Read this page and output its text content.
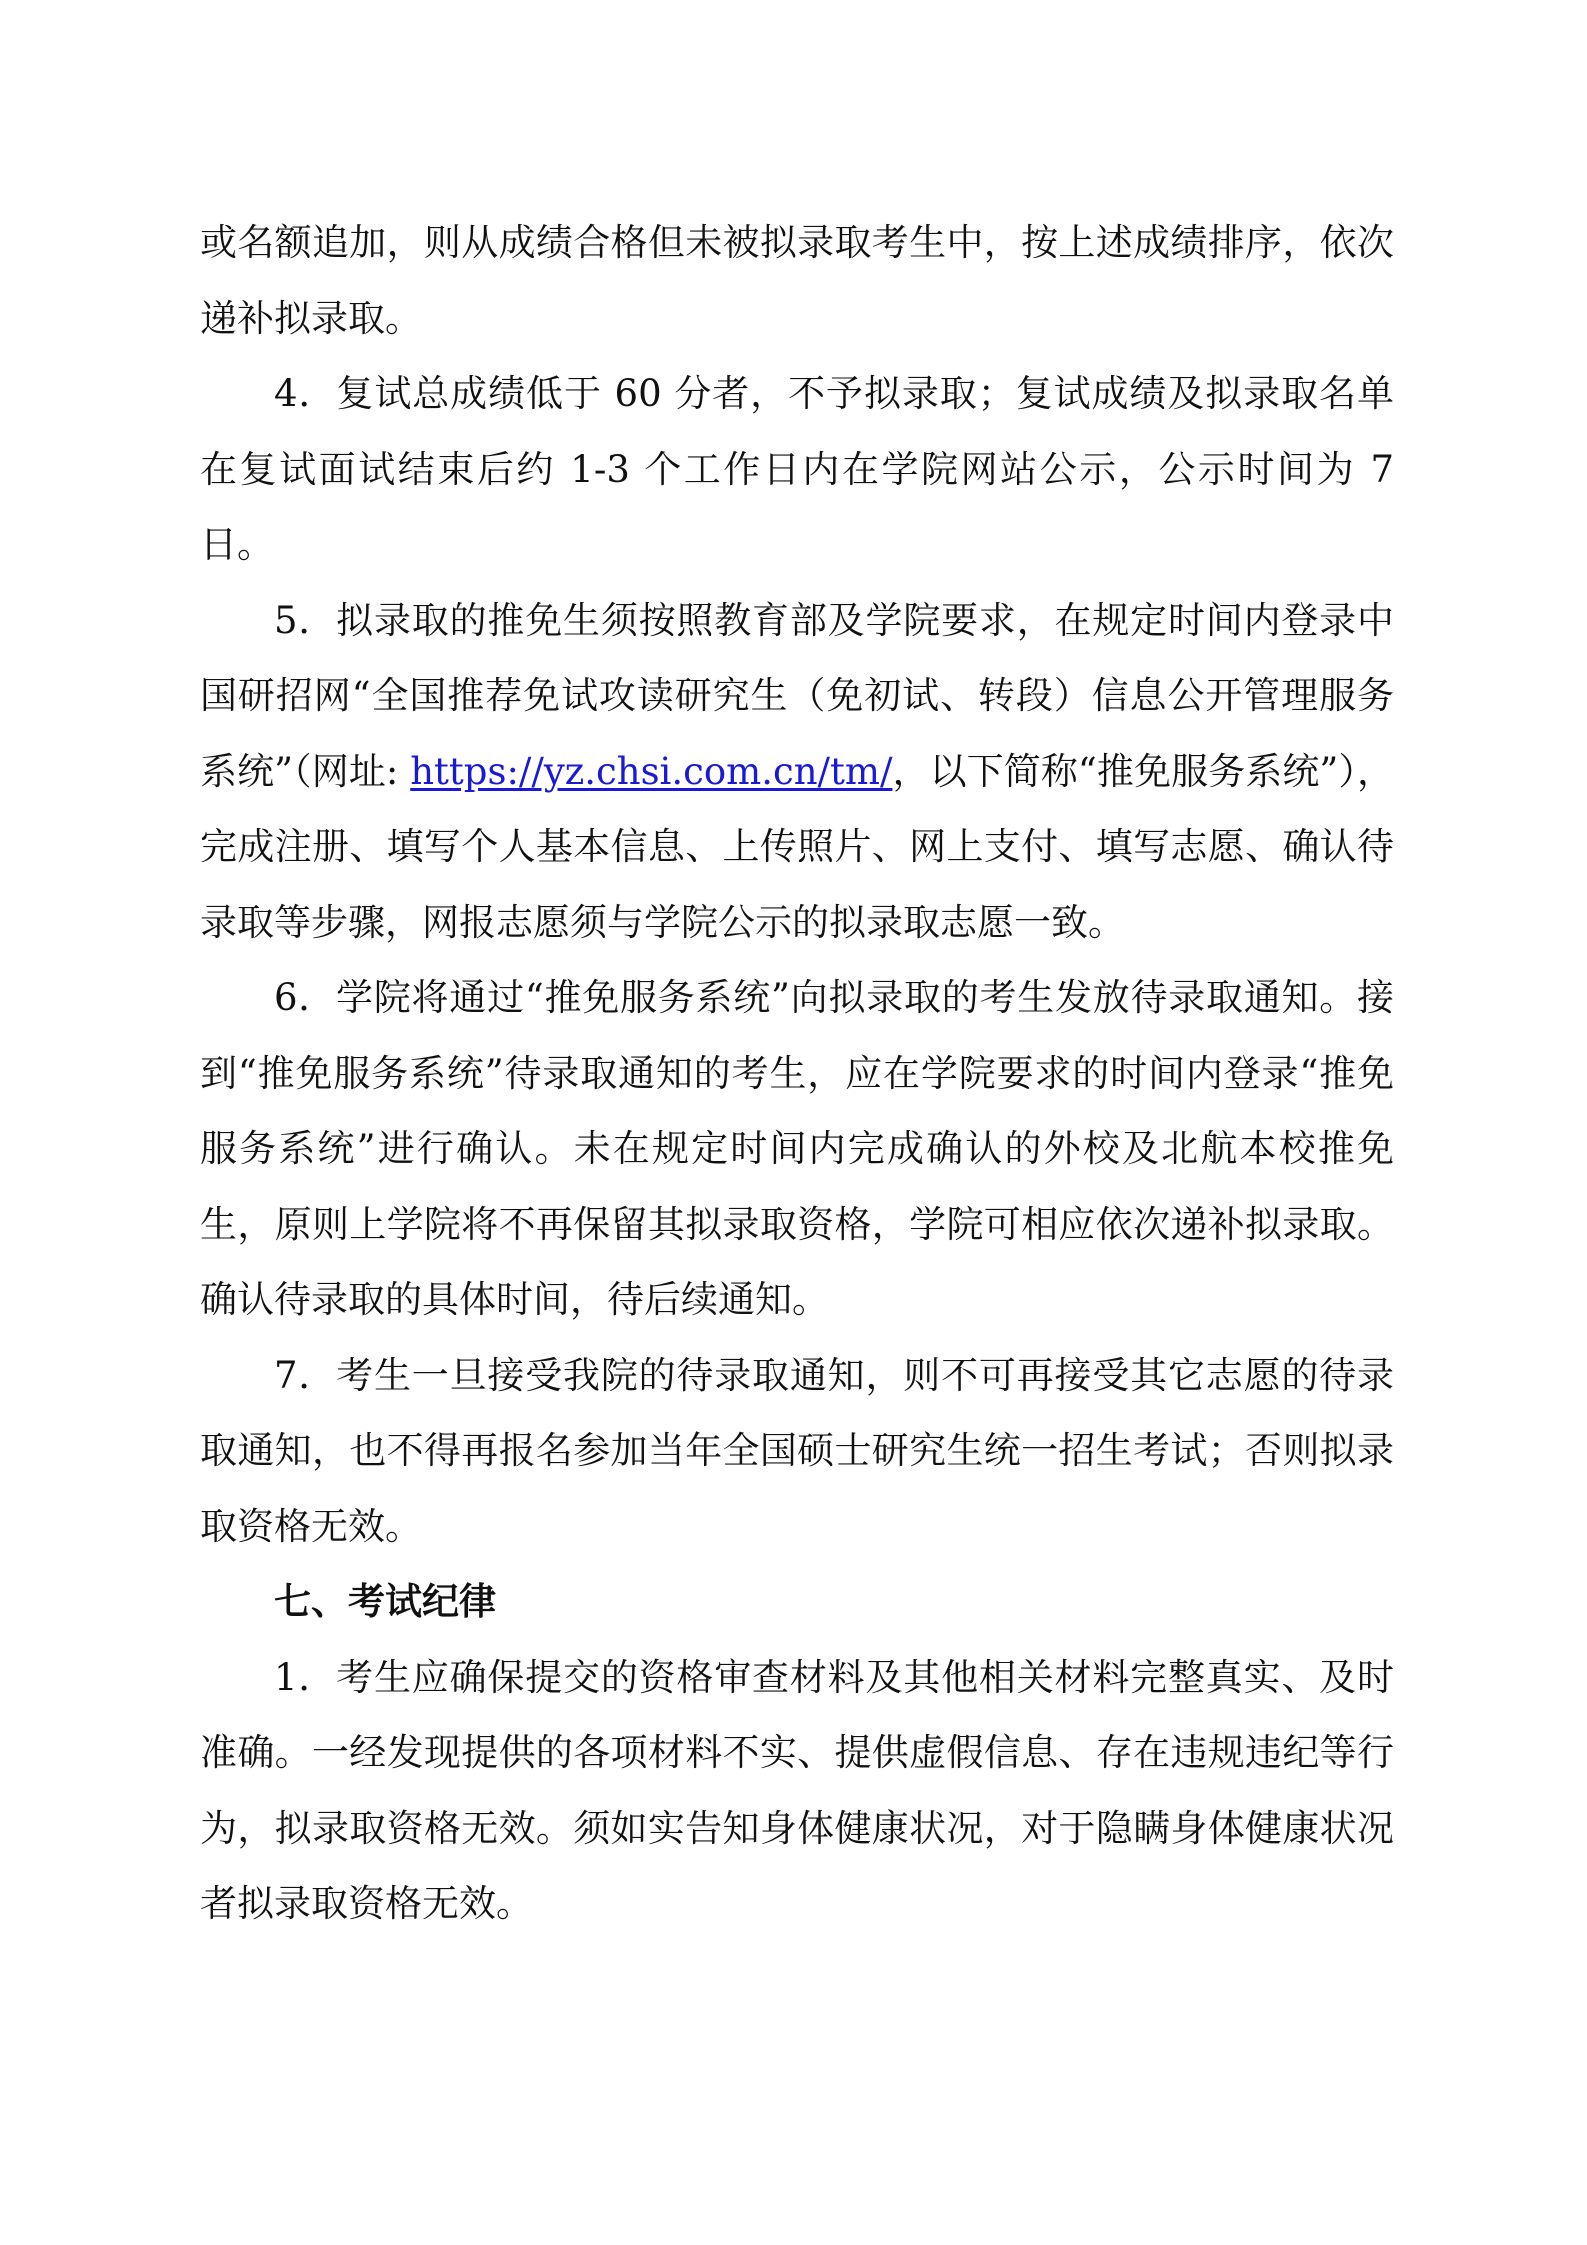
或名额追加，则从成绩合格但未被拟录取考生中，按上述成绩排序，依次递补拟录取。

4．复试总成绩低于 60 分者，不予拟录取；复试成绩及拟录取名单在复试面试结束后约 1-3 个工作日内在学院网站公示，公示时间为 7 日。

5．拟录取的推免生须按照教育部及学院要求，在规定时间内登录中国研招网“全国推荐免试攻读研究生（免初试、转段）信息公开管理服务系统”（网址: https://yz.chsi.com.cn/tm/，以下简称“推免服务系统”），完成注册、填写个人基本信息、上传照片、网上支付、填写志愿、确认待录取等步骤，网报志愿须与学院公示的拟录取志愿一致。

6．学院将通过“推免服务系统”向拟录取的考生发放待录取通知。接到“推免服务系统”待录取通知的考生，应在学院要求的时间内登录“推免服务系统”进行确认。未在规定时间内完成确认的外校及北航本校推免生，原则上学院将不再保留其拟录取资格，学院可相应依次递补拟录取。确认待录取的具体时间，待后续通知。

7．考生一旦接受我院的待录取通知，则不可再接受其它志愿的待录取通知，也不得再报名参加当年全国硕士研究生统一招生考试；否则拟录取资格无效。

七、考试纪律

1．考生应确保提交的资格审查材料及其他相关材料完整真实、及时准确。一经发现提供的各项材料不实、提供虚假信息、存在违规违纪等行为，拟录取资格无效。须如实告知身体健康状况，对于隐瞒身体健康状况者拟录取资格无效。
